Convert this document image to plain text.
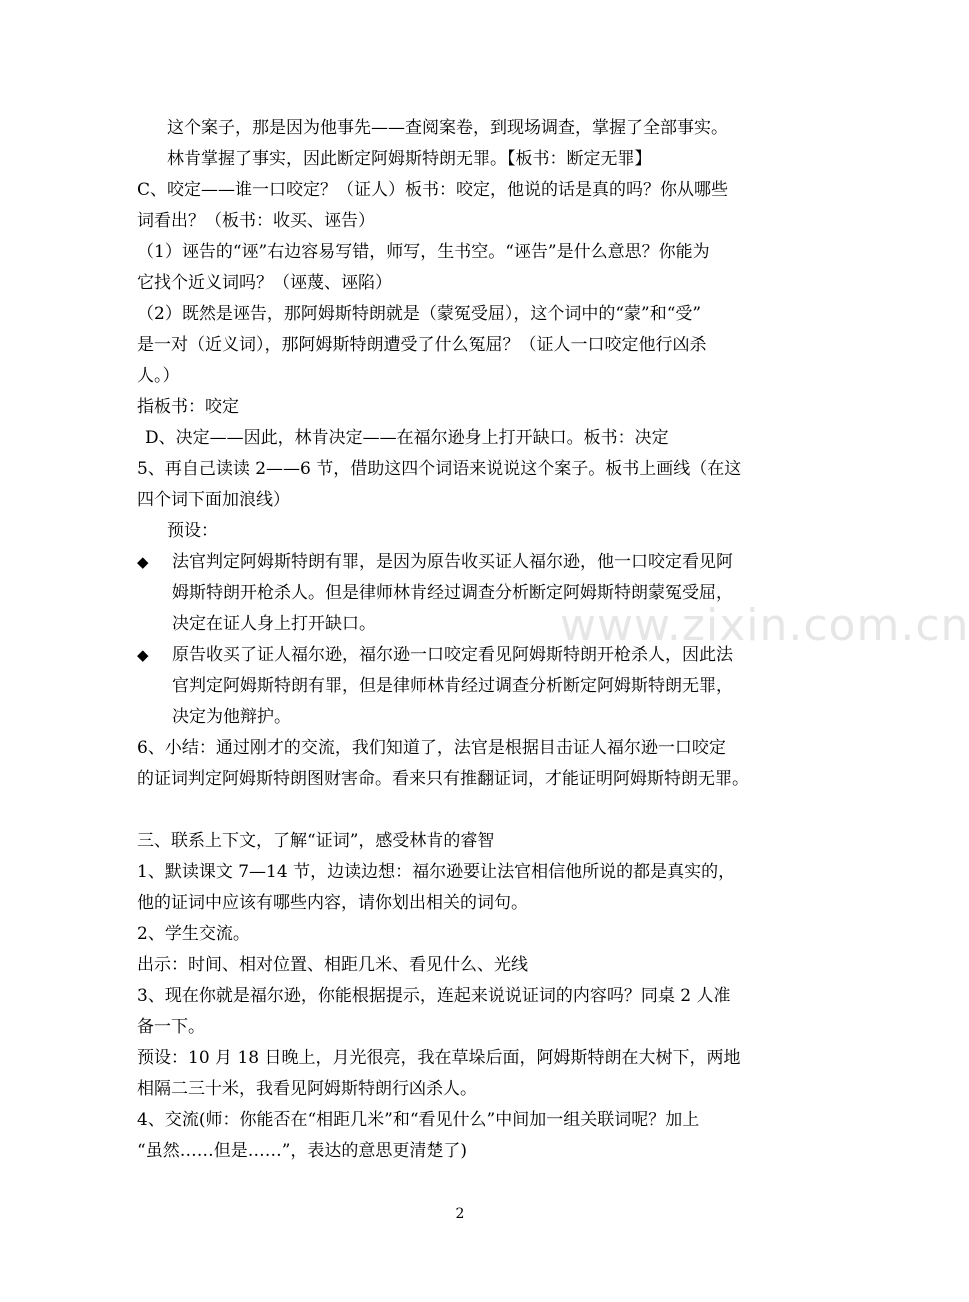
这个案子，那是因为他事先——查阅案卷，到现场调查，掌握了全部事实。

林肯掌握了事实，因此断定阿姆斯特朗无罪。【板书：断定无罪】

C、咬定——谁一口咬定？（证人）板书：咬定，他说的话是真的吗？你从哪些

词看出？（板书：收买、诬告）

（1）诬告的“诬”右边容易写错，师写，生书空。“诬告”是什么意思？你能为

它找个近义词吗？（诬蔑、诬陷）

（2）既然是诬告，那阿姆斯特朗就是（蒙冤受屈），这个词中的“蒙”和“受”

是一对（近义词），那阿姆斯特朗遭受了什么冤屈？（证人一口咬定他行凶杀

人。）

指板书：咬定

D、决定——因此，林肯决定——在福尔逊身上打开缺口。板书：决定

5、再自己读读 2——6 节，借助这四个词语来说说这个案子。板书上画线（在这

四个词下面加浪线）

预设：

◆ 法官判定阿姆斯特朗有罪，是因为原告收买证人福尔逊，他一口咬定看见阿

姆斯特朗开枪杀人。但是律师林肯经过调查分析断定阿姆斯特朗蒙冤受屈，

决定在证人身上打开缺口。

◆ 原告收买了证人福尔逊，福尔逊一口咬定看见阿姆斯特朗开枪杀人，因此法

官判定阿姆斯特朗有罪，但是律师林肯经过调查分析断定阿姆斯特朗无罪，

决定为他辩护。

6、小结：通过刚才的交流，我们知道了，法官是根据目击证人福尔逊一口咬定

的证词判定阿姆斯特朗图财害命。看来只有推翻证词，才能证明阿姆斯特朗无罪。

三、联系上下文，了解“证词”，感受林肯的睿智

1、默读课文 7—14 节，边读边想：福尔逊要让法官相信他所说的都是真实的，

他的证词中应该有哪些内容，请你划出相关的词句。

2、学生交流。

出示：时间、相对位置、相距几米、看见什么、光线

3、现在你就是福尔逊，你能根据提示，连起来说说证词的内容吗？同桌 2 人准

备一下。

预设：10 月 18 日晚上，月光很亮，我在草垛后面，阿姆斯特朗在大树下，两地

相隔二三十米，我看见阿姆斯特朗行凶杀人。

4、交流(师：你能否在“相距几米”和“看见什么”中间加一组关联词呢？加上

“虽然……但是……”，表达的意思更清楚了)

www.zixin.com.cn
2
